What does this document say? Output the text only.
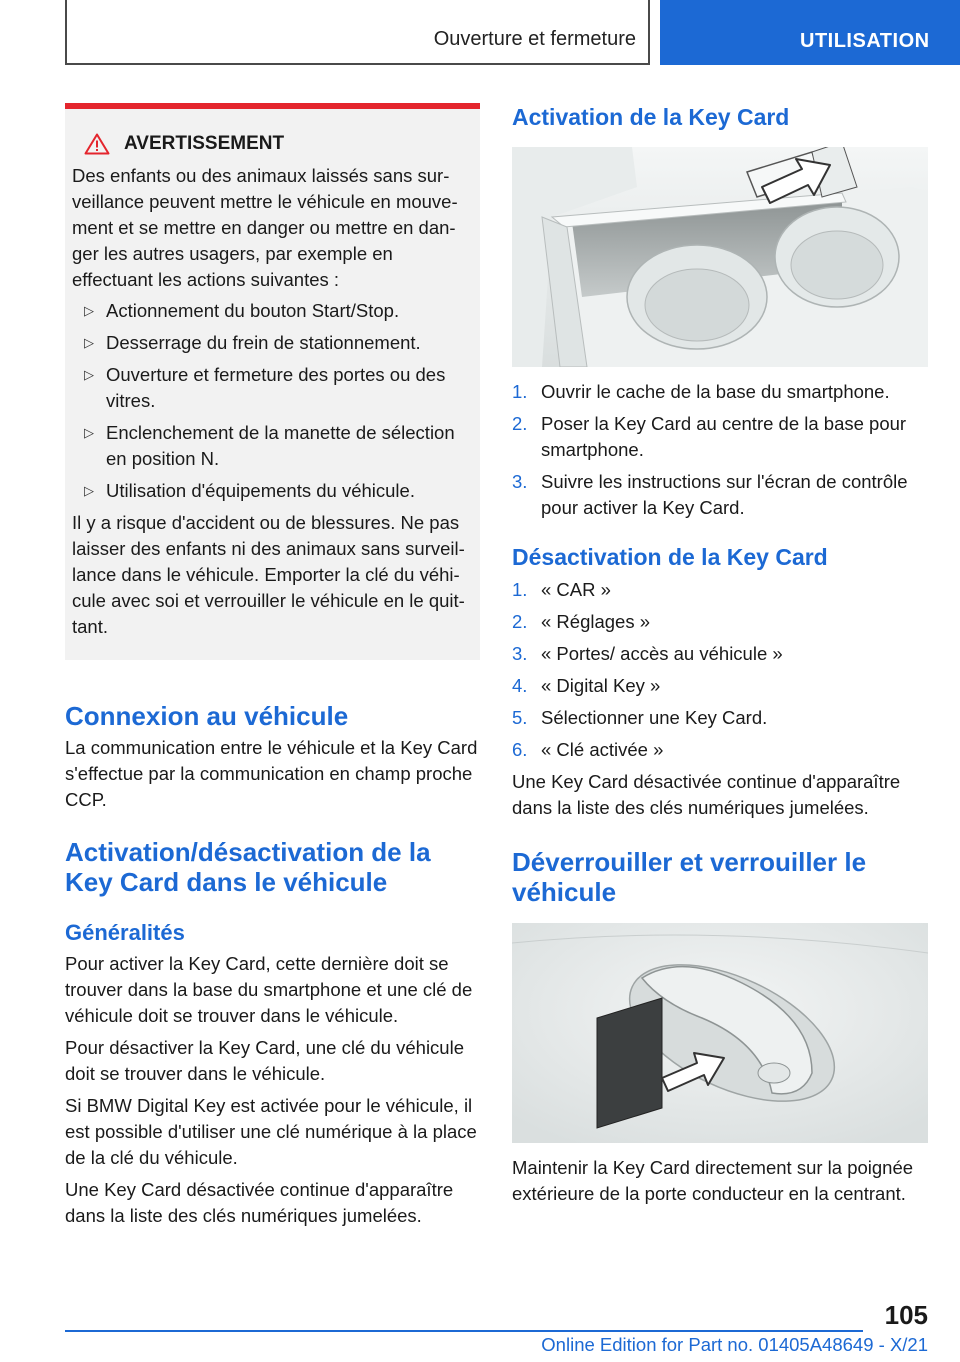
Ouverture et fermeture	UTILISATION
AVERTISSEMENT
Des enfants ou des animaux laissés sans surveillance peuvent mettre le véhicule en mouvement et se mettre en danger ou mettre en danger les autres usagers, par exemple en effectuant les actions suivantes :
▷ Actionnement du bouton Start/Stop.
▷ Desserrage du frein de stationnement.
▷ Ouverture et fermeture des portes ou des vitres.
▷ Enclenchement de la manette de sélection en position N.
▷ Utilisation d'équipements du véhicule.
Il y a risque d'accident ou de blessures. Ne pas laisser des enfants ni des animaux sans surveillance dans le véhicule. Emporter la clé du véhicule avec soi et verrouiller le véhicule en le quittant.
Connexion au véhicule
La communication entre le véhicule et la Key Card s'effectue par la communication en champ proche CCP.
Activation/désactivation de la Key Card dans le véhicule
Généralités
Pour activer la Key Card, cette dernière doit se trouver dans la base du smartphone et une clé de véhicule doit se trouver dans le véhicule.
Pour désactiver la Key Card, une clé du véhicule doit se trouver dans le véhicule.
Si BMW Digital Key est activée pour le véhicule, il est possible d'utiliser une clé numérique à la place de la clé du véhicule.
Une Key Card désactivée continue d'apparaître dans la liste des clés numériques jumelées.
Activation de la Key Card
1. Ouvrir le cache de la base du smartphone.
2. Poser la Key Card au centre de la base pour smartphone.
3. Suivre les instructions sur l'écran de contrôle pour activer la Key Card.
Désactivation de la Key Card
1. « CAR »
2. « Réglages »
3. « Portes/ accès au véhicule »
4. « Digital Key »
5. Sélectionner une Key Card.
6. « Clé activée »
Une Key Card désactivée continue d'apparaître dans la liste des clés numériques jumelées.
Déverrouiller et verrouiller le véhicule
Maintenir la Key Card directement sur la poignée extérieure de la porte conducteur en la centrant.
105
Online Edition for Part no. 01405A48649 - X/21
